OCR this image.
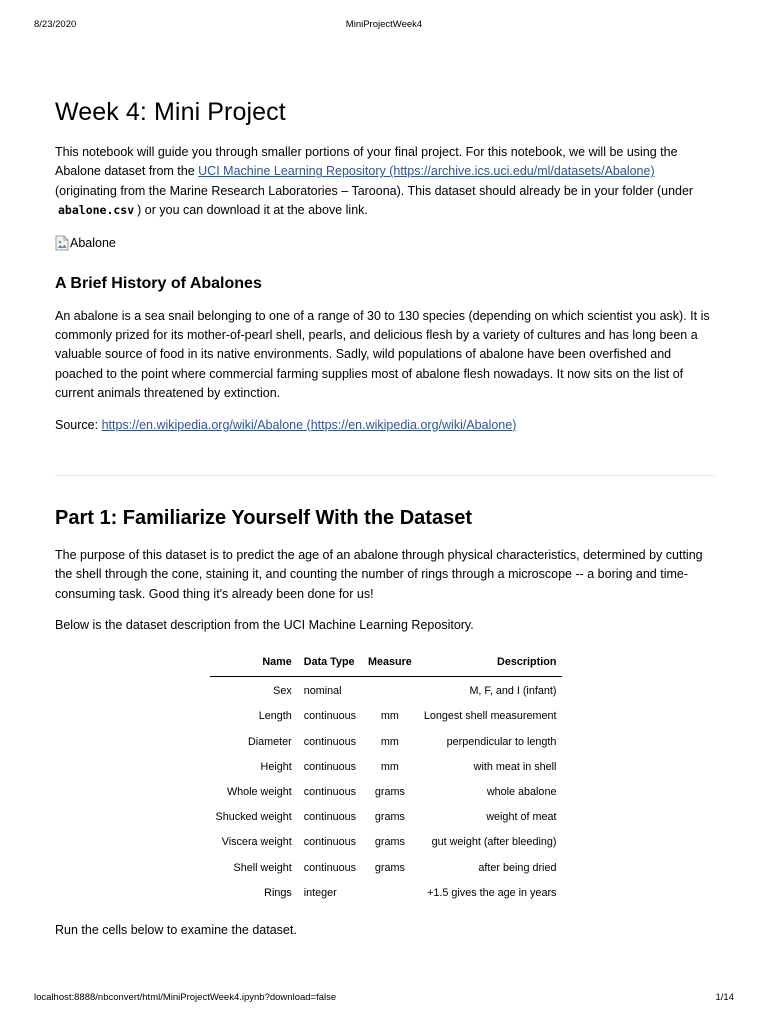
8/23/2020	MiniProjectWeek4
Week 4: Mini Project

This notebook will guide you through smaller portions of your final project. For this notebook, we will be using the Abalone dataset from the UCI Machine Learning Repository (https://archive.ics.uci.edu/ml/datasets/Abalone) (originating from the Marine Research Laboratories – Taroona). This dataset should already be in your folder (under abalone.csv ) or you can download it at the above link.

Abalone
A Brief History of Abalones

An abalone is a sea snail belonging to one of a range of 30 to 130 species (depending on which scientist you ask). It is commonly prized for its mother-of-pearl shell, pearls, and delicious flesh by a variety of cultures and has long been a valuable source of food in its native environments. Sadly, wild populations of abalone have been overfished and poached to the point where commercial farming supplies most of abalone flesh nowadays. It now sits on the list of current animals threatened by extinction.

Source: https://en.wikipedia.org/wiki/Abalone (https://en.wikipedia.org/wiki/Abalone)

Part 1: Familiarize Yourself With the Dataset

The purpose of this dataset is to predict the age of an abalone through physical characteristics, determined by cutting the shell through the cone, staining it, and counting the number of rings through a microscope -- a boring and time-consuming task. Good thing it's already been done for us!

Below is the dataset description from the UCI Machine Learning Repository.

Name	Data Type	Measure	Description
Sex	nominal		M, F, and I (infant)
Length	continuous	mm	Longest shell measurement
Diameter	continuous	mm	perpendicular to length
Height	continuous	mm	with meat in shell
Whole weight	continuous	grams	whole abalone
Shucked weight	continuous	grams	weight of meat
Viscera weight	continuous	grams	gut weight (after bleeding)
Shell weight	continuous	grams	after being dried
Rings	integer		+1.5 gives the age in years

Run the cells below to examine the dataset.

localhost:8888/nbconvert/html/MiniProjectWeek4.ipynb?download=false	1/14
